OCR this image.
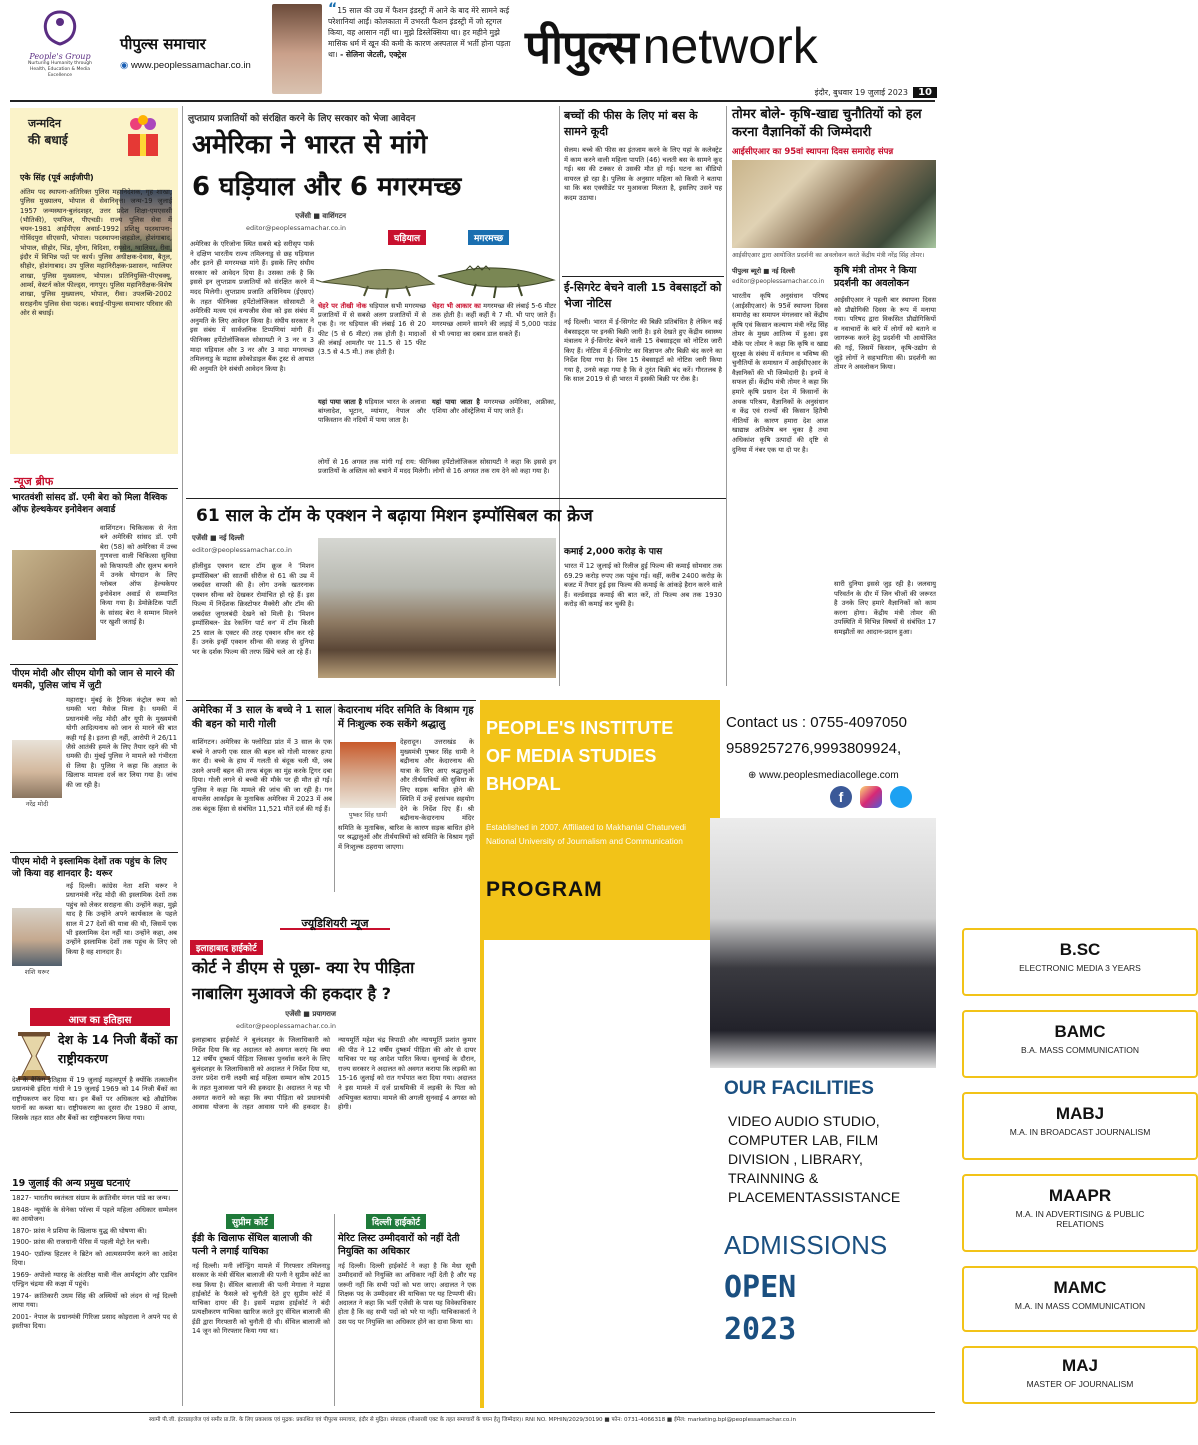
People's Group
Nurturing Humanity through Health, Education & Media Excellence
पीपुल्स समाचार
◉ www.peoplessamachar.co.in
“15 साल की उम्र में फैशन इंडस्ट्री में आने के बाद मेरे सामने कई परेशानियां आईं। कोलकाता में उभरती फैशन इंडस्ट्री में जो स्ट्रगल किया, वह आसान नहीं था। मुझे डिस्लेक्सिया था। हर महीने मुझे मासिक धर्म में खून की कमी के कारण अस्पताल में भर्ती होना पड़ता था। - सेलिना जेटली, एक्ट्रेस	पीपुल्स network
इंदौर, बुधवार 19 जुलाई 2023 10
जन्मदिन
की बधाई
एके सिंह (पूर्व आईजीपी)
अंतिम पद स्थापना-अतिरिक्त पुलिस महानिदेशक, गृह शाखा, पुलिस मुख्यालय, भोपाल से सेवानिवृत्त। जन्म-19 जुलाई 1957 जन्मस्थान-बुलंदशहर, उत्तर प्रदेश शिक्षा-एमएससी (भौतिकी), एमफिल, पीएचडी। राज्य पुलिस सेवा में चयन-1981 आईपीएस अवार्ड-1992 प्रशिक्षु पदस्थापना-गोविंदपुरा सीएसपी, भोपाल। पदस्थापना-शहडोल, होशंगाबाद, भोपाल, सीहोर, भिंड, मुरैना, विदिशा, रायसेन, ग्वालियर, रीवा, इंदौर में विभिन्न पदों पर कार्य। पुलिस अधीक्षक-देवास, बैतूल, सीहोर, होशंगाबाद। उप पुलिस महानिरीक्षक-प्रशासन, ग्वालियर शाखा, पुलिस मुख्यालय, भोपाल। प्रतिनियुक्ति-पीएचक्यू, आर्म्स, वेस्टर्न कोल फील्ड्स, नागपुर। पुलिस महानिरीक्षक-विशेष शाखा, पुलिस मुख्यालय, भोपाल, रीवा। उपलब्धि-2002 सराहनीय पुलिस सेवा पदक। बधाई-पीपुल्स समाचार परिवार की ओर से बधाई।
न्यूज ब्रीफ
भारतवंशी सांसद डॉ. एमी बेरा को मिला वैश्विक ऑफ हेल्थकेयर इनोवेशन अवार्ड
वाशिंगटन। चिकित्सक से नेता बने अमेरिकी सांसद डॉ. एमी बेरा (58) को अमेरिका में उच्च गुणवत्ता वाली चिकित्सा सुविधा को किफायती और सुलभ बनाने में उनके योगदान के लिए ग्लोबल ऑफ हेल्थकेयर इनोवेशन अवार्ड से सम्मानित किया गया है। डेमोक्रेटिक पार्टी के सांसद बेरा ने सम्मान मिलने पर खुशी जताई है।
पीएम मोदी और सीएम योगी को जान से मारने की धमकी, पुलिस जांच में जुटी
नरेंद्र मोदी
महाराष्ट्र। मुंबई के ट्रैफिक कंट्रोल रूम को धमकी भरा मैसेज मिला है। धमकी में प्रधानमंत्री नरेंद्र मोदी और यूपी के मुख्यमंत्री योगी आदित्यनाथ को जान से मारने की बात कही गई है। इतना ही नहीं, आरोपी ने 26/11 जैसे आतंकी हमले के लिए तैयार रहने की भी धमकी दी। मुंबई पुलिस ने मामले को गंभीरता से लिया है। पुलिस ने कहा कि अज्ञात के खिलाफ मामला दर्ज कर लिया गया है। जांच की जा रही है।
पीएम मोदी ने इस्लामिक देशों तक पहुंच के लिए जो किया वह शानदार है: थरूर
शशि थरूर
नई दिल्ली। कांग्रेस नेता शशि थरूर ने प्रधानमंत्री नरेंद्र मोदी की इस्लामिक देशों तक पहुंच को लेकर सराहना की। उन्होंने कहा, मुझे याद है कि उन्होंने अपने कार्यकाल के पहले साल में 27 देशों की यात्रा की थी, जिसमें एक भी इस्लामिक देश नहीं था। उन्होंने कहा, अब उन्होंने इस्लामिक देशों तक पहुंच के लिए जो किया है वह शानदार है।
आज का इतिहास
देश के 14 निजी बैंकों का राष्ट्रीयकरण
देश के बैंकिंग इतिहास में 19 जुलाई महत्वपूर्ण है क्योंकि तत्कालीन प्रधानमंत्री इंदिरा गांधी ने 19 जुलाई 1969 को 14 निजी बैंकों का राष्ट्रीयकरण कर दिया था। इन बैंकों पर अधिकतर बड़े औद्योगिक घरानों का कब्जा था। राष्ट्रीयकरण का दूसरा दौर 1980 में आया, जिसके तहत सात और बैंकों का राष्ट्रीयकरण किया गया।
19 जुलाई की अन्य प्रमुख घटनाएं
1827- भारतीय स्वतंत्रता संग्राम के क्रांतिवीर मंगल पांडे का जन्म।
1848- न्यूयॉर्क के सेनेका फॉल्स में पहले महिला अधिकार सम्मेलन का आयोजन।
1870- फ्रांस ने प्रशिया के खिलाफ युद्ध की घोषणा की।
1900- फ्रांस की राजधानी पेरिस में पहली मेट्रो रेल चली।
1940- एडॉल्फ हिटलर ने ब्रिटेन को आत्मसमर्पण करने का आदेश दिया।
1969- अपोलो ग्यारह के अंतरिक्ष यात्री नील आर्मस्ट्रांग और एडविन एल्ड्रिन चंद्रमा की कक्षा में पहुंचे।
1974- क्रांतिकारी उधम सिंह की अस्थियों को लंदन से नई दिल्ली लाया गया।
2001- नेपाल के प्रधानमंत्री गिरिजा प्रसाद कोइराला ने अपने पद से इस्तीफा दिया।
लुप्तप्राय प्रजातियों को संरक्षित करने के लिए सरकार को भेजा आवेदन
अमेरिका ने भारत से मांगे
6 घड़ियाल और 6 मगरमच्छ
एजेंसी ■ वाशिंगटन
editor@peoplessamachar.co.in
अमेरिका के एरिजोना स्थित सबसे बड़े सरीसृप पार्क ने दक्षिण भारतीय राज्य तमिलनाडु से छह घड़ियाल और इतने ही मगरमच्छ मांगे हैं। इसके लिए संघीय सरकार को आवेदन दिया है। उसका तर्क है कि इससे इन लुप्तप्राय प्रजातियों को संरक्षित करने में मदद मिलेगी। लुप्तप्राय प्रजाति अधिनियम (ईएसए) के तहत फीनिक्स हर्पेटोलॉजिकल सोसायटी ने अमेरिकी मत्स्य एवं वन्यजीव सेवा को इस संबंध में अनुमति के लिए आवेदन किया है। संघीय सरकार ने इस संबंध में सार्वजनिक टिप्पणियां मांगी हैं। फीनिक्स हर्पेटोलॉजिकल सोसायटी ने 3 नर व 3 मादा घड़ियाल और 3 नर और 3 मादा मगरमच्छ तमिलनाडु के मद्रास क्रोकोडाइल बैंक ट्रस्ट से आयात की अनुमति देने संबंधी आवेदन किया है।
घड़ियाल	मगरमच्छ
चेहरे पर तीखी नोक घड़ियाल सभी मगरमच्छ प्रजातियों में से सबसे अलग प्रजातियों में से एक है। नर घड़ियाल की लंबाई 16 से 20 फीट (5 से 6 मीटर) तक होती है। मादाओं की लंबाई आमतौर पर 11.5 से 15 फीट (3.5 से 4.5 मी.) तक होती है।
चेहरा भी आकार का मगरमच्छ की लंबाई 5-6 मीटर तक होती है। कहीं कहीं ये 7 मी. भी पाए जाते हैं। मगरमच्छ आमने सामने की लड़ाई में 5,000 पाउंड से भी ज्यादा का दबाव डाल सकते हैं।
यहां पाया जाता है घड़ियाल भारत के अलावा बांग्लादेश, भूटान, म्यांमार, नेपाल और पाकिस्तान की नदियों में पाया जाता है।
यहां पाया जाता है मगरमच्छ अमेरिका, अफ्रीका, एशिया और ऑस्ट्रेलिया में पाए जाते हैं।
लोगों से 16 अगस्त तक मांगी गई राय: फीनिक्स हर्पेटोलॉजिकल सोसायटी ने कहा कि इससे इन प्रजातियों के अस्तित्व को बचाने में मदद मिलेगी। लोगों से 16 अगस्त तक राय देने को कहा गया है।
बच्चों की फीस के लिए मां बस के सामने कूदी
सेलम। बच्चे की फीस का इंतजाम करने के लिए यहां के कलेक्ट्रेट में काम करने वाली महिला पापति (46) चलती बस के सामने कूद गई। बस की टक्कर से उसकी मौत हो गई। घटना का वीडियो वायरल हो रहा है। पुलिस के अनुसार महिला को किसी ने बताया था कि बस एक्सीडेंट पर मुआवजा मिलता है, इसलिए उसने यह कदम उठाया।
ई-सिगरेट बेचने वाली 15 वेबसाइटों को भेजा नोटिस
नई दिल्ली। भारत में ई-सिगरेट की बिक्री प्रतिबंधित है लेकिन कई वेबसाइट्स पर इनकी बिक्री जारी है। इसे देखते हुए केंद्रीय स्वास्थ्य मंत्रालय ने ई-सिगरेट बेचने वाली 15 वेबसाइट्स को नोटिस जारी किए हैं। नोटिस में ई-सिगरेट का विज्ञापन और बिक्री बंद करने का निर्देश दिया गया है। जिन 15 वेबसाइटों को नोटिस जारी किया गया है, उनसे कहा गया है कि वे तुरंत बिक्री बंद करें। गौरतलब है कि साल 2019 से ही भारत में इसकी बिक्री पर रोक है।
तोमर बोले- कृषि-खाद्य चुनौतियों को हल करना वैज्ञानिकों की जिम्मेदारी
आईसीएआर का 95वां स्थापना दिवस समारोह संपन्न
आईसीएआर द्वारा आयोजित प्रदर्शनी का अवलोकन करते केंद्रीय मंत्री नरेंद्र सिंह तोमर।
पीपुल्स ब्यूरो ■ नई दिल्ली
editor@peoplessamachar.co.in
भारतीय कृषि अनुसंधान परिषद (आईसीएआर) के 95वें स्थापना दिवस समारोह का समापन मंगलवार को केंद्रीय कृषि एवं किसान कल्याण मंत्री नरेंद्र सिंह तोमर के मुख्य आतिथ्य में हुआ। इस मौके पर तोमर ने कहा कि कृषि व खाद्य सुरक्षा के संबंध में वर्तमान व भविष्य की चुनौतियों के समाधान में आईसीएआर के वैज्ञानिकों की भी जिम्मेदारी है। इनमें वे सफल हों। केंद्रीय मंत्री तोमर ने कहा कि हमारे कृषि प्रधान देश में किसानों के अथक परिश्रम, वैज्ञानिकों के अनुसंधान व केंद्र एवं राज्यों की किसान हितैषी नीतियों के कारण हमारा देश आज खाद्यान्न अतिशेष बन चुका है तथा अधिकांश कृषि उत्पादों की दृष्टि से दुनिया में नंबर एक या दो पर है।
कृषि मंत्री तोमर ने किया प्रदर्शनी का अवलोकन
आईसीएआर ने पहली बार स्थापना दिवस को प्रौद्योगिकी दिवस के रूप में मनाया गया। परिषद द्वारा विकसित प्रौद्योगिकियों व नवाचारों के बारे में लोगों को बताने व जागरूक करने हेतु प्रदर्शनी भी आयोजित की गई, जिसमें किसान, कृषि-उद्योग से जुड़े लोगों ने सहभागिता की। प्रदर्शनी का तोमर ने अवलोकन किया।
सारी दुनिया इससे जुड़ रही है। जलवायु परिवर्तन के दौर में जिन चीजों की जरूरत है उनके लिए हमारे वैज्ञानिकों को काम करना होगा। केंद्रीय मंत्री तोमर की उपस्थिति में विभिन्न विषयों से संबंधित 17 समझौतों का आदान-प्रदान हुआ।
61 साल के टॉम के एक्शन ने बढ़ाया मिशन इम्पॉसिबल का क्रेज
एजेंसी ■ नई दिल्ली
editor@peoplessamachar.co.in
हॉलीवुड एक्शन स्टार टॉम क्रूज ने 'मिशन इम्पॉसिबल' की सातवीं सीरीज से 61 की उम्र में जबर्दस्त वापसी की है। लोग उनके खतरनाक एक्शन सीन्स को देखकर रोमांचित हो रहे हैं। इस फिल्म में निर्देशक क्रिस्टोफर मैक्वेरी और टॉम की जबर्दस्त जुगलबंदी देखने को मिली है। 'मिशन इम्पॉसिबल- डेड रेकनिंग पार्ट वन' में टॉम किसी 25 साल के एक्टर की तरह एक्शन सीन कर रहे हैं। उनके इन्हीं एक्शन सीन्स की वजह से दुनिया भर के दर्शक फिल्म की तरफ खिंचे चले आ रहे हैं।
कमाई 2,000 करोड़ के पास
भारत में 12 जुलाई को रिलीज हुई फिल्म की कमाई सोमवार तक 69.29 करोड़ रुपए तक पहुंच गई। वहीं, करीब 2400 करोड़ के बजट में तैयार हुई इस फिल्म की कमाई के आंकड़े हैरान करने वाले हैं। वर्ल्डवाइड कमाई की बात करें, तो फिल्म अब तक 1930 करोड़ की कमाई कर चुकी है।
अमेरिका में 3 साल के बच्चे ने 1 साल की बहन को मारी गोली
वाशिंगटन। अमेरिका के फ्लोरिडा प्रांत में 3 साल के एक बच्चे ने अपनी एक साल की बहन को गोली मारकर हत्या कर दी। बच्चे के हाथ में गलती से बंदूक चली थी, जब उसने अपनी बहन की तरफ बंदूक का मुंह करके ट्रिगर दबा दिया। गोली लगने से बच्ची की मौके पर ही मौत हो गई। पुलिस ने कहा कि मामले की जांच की जा रही है। गन वायलेंस आर्काइव के मुताबिक अमेरिका में 2023 में अब तक बंदूक हिंसा से संबंधित 11,521 मौतें दर्ज की गई हैं।
केदारनाथ मंदिर समिति के विश्राम गृह में निःशुल्क रुक सकेंगे श्रद्धालु
पुष्कर सिंह धामी
देहरादून। उत्तराखंड के मुख्यमंत्री पुष्कर सिंह धामी ने बद्रीनाथ और केदारनाथ की यात्रा के लिए आए श्रद्धालुओं और तीर्थयात्रियों की सुविधा के लिए सड़क बाधित होने की स्थिति में उन्हें हरसंभव सहयोग देने के निर्देश दिए हैं। श्री बद्रीनाथ-केदारनाथ मंदिर समिति के मुताबिक, बारिश के कारण सड़क बाधित होने पर श्रद्धालुओं और तीर्थयात्रियों को समिति के विश्राम गृहों में निःशुल्क ठहराया जाएगा।
ज्यूडिशियरी न्यूज
इलाहाबाद हाईकोर्ट
कोर्ट ने डीएम से पूछा- क्या रेप पीड़िता
नाबालिग मुआवजे की हकदार है ?
एजेंसी ■ प्रयागराज
editor@peoplessamachar.co.in
इलाहाबाद हाईकोर्ट ने बुलंदशहर के जिलाधिकारी को निर्देश दिया कि वह अदालत को अवगत कराएं कि क्या 12 वर्षीय दुष्कर्म पीड़िता जिसका पुनर्वास करने के लिए बुलंदशहर के जिलाधिकारी को अदालत ने निर्देश दिया था, उत्तर प्रदेश रानी लक्ष्मी बाई महिला सम्मान कोष 2015 के तहत मुआवजा पाने की हकदार है। अदालत ने यह भी अवगत कराने को कहा कि क्या पीड़िता को प्रधानमंत्री आवास योजना के तहत आवास पाने की हकदार है। न्यायमूर्ति महेश चंद्र त्रिपाठी और न्यायमूर्ति प्रशांत कुमार की पीठ ने 12 वर्षीय दुष्कर्म पीड़िता की ओर से दायर याचिका पर यह आदेश पारित किया। सुनवाई के दौरान, राज्य सरकार ने अदालत को अवगत कराया कि लड़की का 15-16 जुलाई को रात गर्भपात करा दिया गया। अदालत ने इस मामले में दर्ज प्राथमिकी में लड़की के पिता को अभियुक्त बताया। मामले की अगली सुनवाई 4 अगस्त को होगी।
सुप्रीम कोर्ट
ईडी के खिलाफ सेंथिल बालाजी की पत्नी ने लगाई याचिका
नई दिल्ली। मनी लॉन्ड्रिंग मामले में गिरफ्तार तमिलनाडु सरकार के मंत्री सेंथिल बालाजी की पत्नी ने सुप्रीम कोर्ट का रुख किया है। सेंथिल बालाजी की पत्नी मेगाला ने मद्रास हाईकोर्ट के फैसले को चुनौती देते हुए सुप्रीम कोर्ट में याचिका दायर की है। इसमें मद्रास हाईकोर्ट ने बंदी प्रत्यक्षीकरण याचिका खारिज करते हुए सेंथिल बालाजी की ईडी द्वारा गिरफ्तारी को चुनौती दी थी। सेंथिल बालाजी को 14 जून को गिरफ्तार किया गया था।
दिल्ली हाईकोर्ट
मेरिट लिस्ट उम्मीदवारों को नहीं देती नियुक्ति का अधिकार
नई दिल्ली। दिल्ली हाईकोर्ट ने कहा है कि मेधा सूची उम्मीदवारों को नियुक्ति का अधिकार नहीं देती है और यह जरूरी नहीं कि सभी पदों को भरा जाए। अदालत ने एक शिक्षक पद के उम्मीदवार की याचिका पर यह टिप्पणी की। अदालत ने कहा कि भर्ती एजेंसी के पास यह विवेकाधिकार होता है कि वह सभी पदों को भरे या नहीं। याचिकाकर्ता ने उस पद पर नियुक्ति का अधिकार होने का दावा किया था।
PEOPLE'S INSTITUTE
OF MEDIA STUDIES
BHOPAL
Established in 2007. Affiliated to Makhanlal Chaturvedi National University of Journalism and Communication
PROGRAM
Contact us : 0755-4097050
9589257276,9993809924,
⊕ www.peoplesmediacollege.com
f
B.SC
ELECTRONIC MEDIA 3 YEARS
BAMC
B.A. MASS COMMUNICATION
MABJ
M.A. IN BROADCAST JOURNALISM
MAAPR
M.A. IN ADVERTISING & PUBLIC RELATIONS
MAMC
M.A. IN MASS COMMUNICATION
MAJ
MASTER OF JOURNALISM
OUR FACILITIES
VIDEO AUDIO STUDIO,
COMPUTER LAB, FILM
DIVISION , LIBRARY,
TRAINNING &
PLACEMENTASSISTANCE
ADMISSIONS
OPEN
2023
स्वामी पी.जी. इंटरप्राइजेज एवं समीर प्रा.लि. के लिए प्रकाशक एवं मुद्रक: प्रकाशित एवं पीपुल्स समाचार, इंदौर से मुद्रित। संपादक (पीआरबी एक्ट के तहत समाचारों के चयन हेतु जिम्मेदार)। RNI NO. MPHIN/2029/30190 ■ फोन: 0731-4066318 ■ ईमेल: marketing.bpl@peoplessamachar.co.in
